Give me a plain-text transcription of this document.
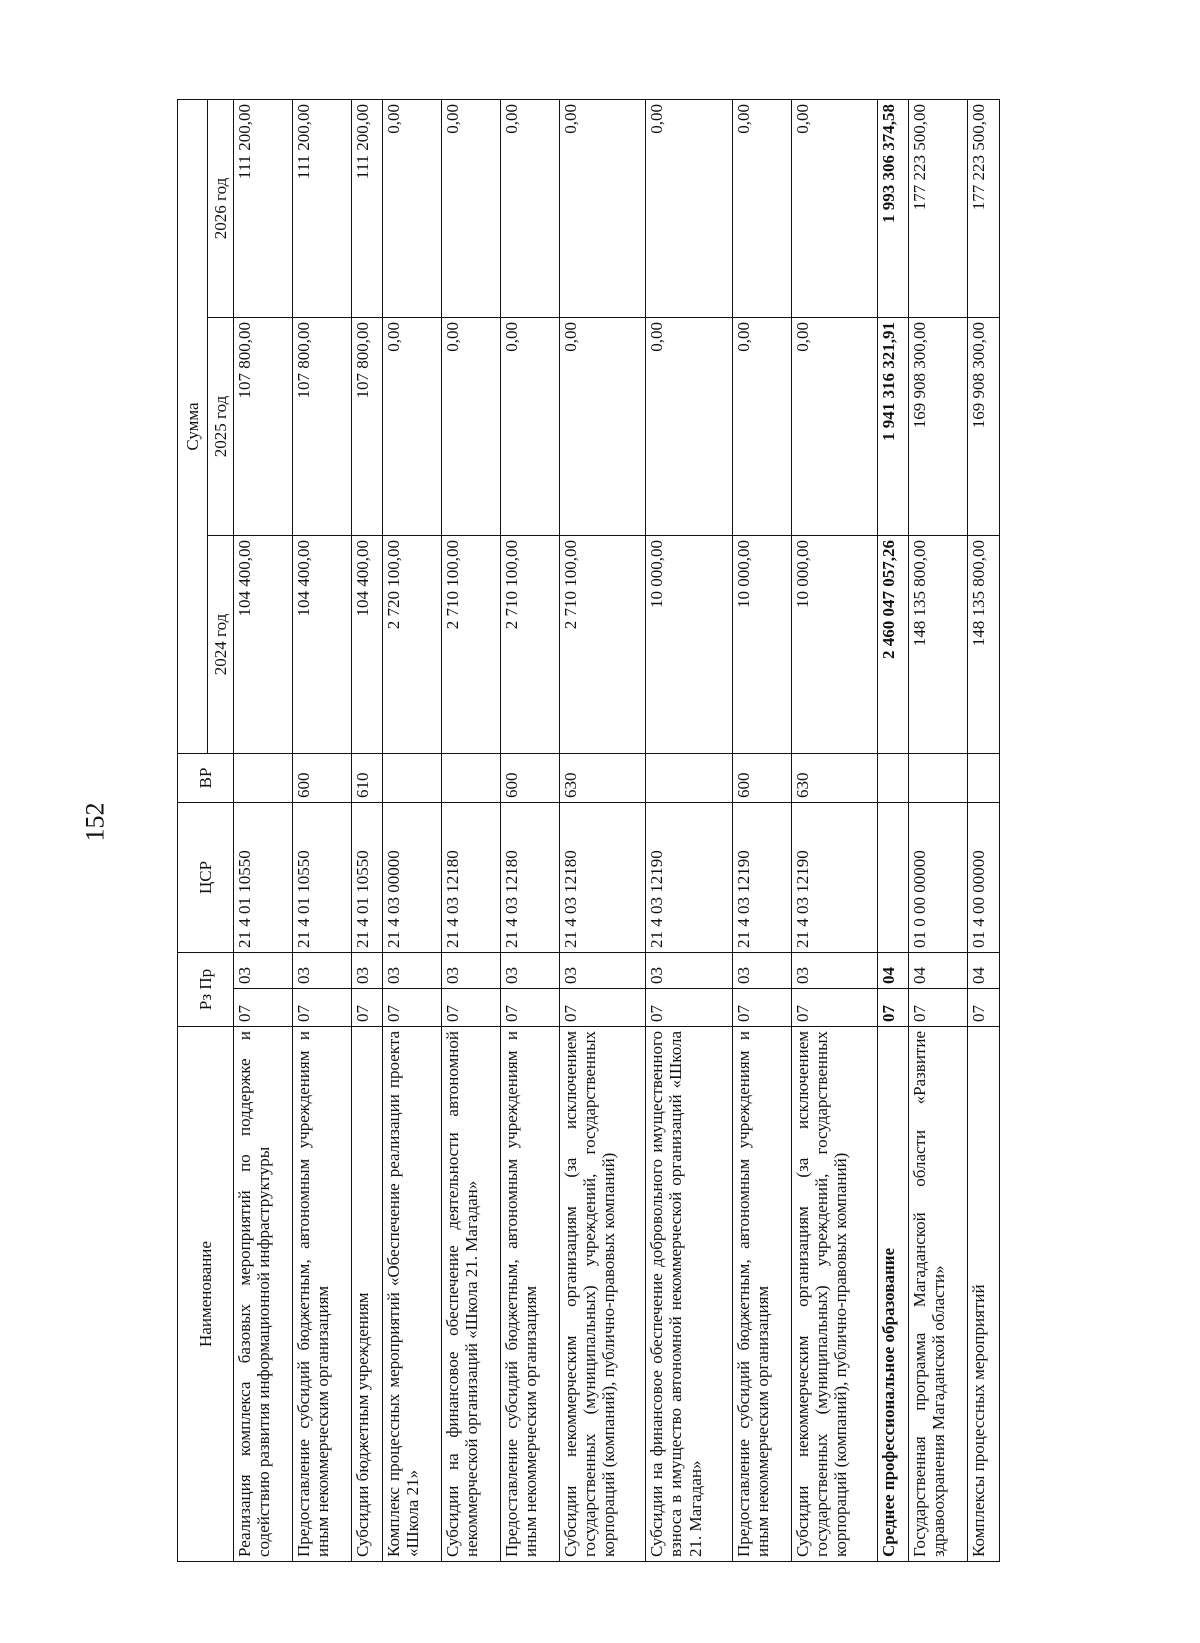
152
Наименование	Рз Пр		ЦСР	ВР	Сумма		
					2024 год	2025 год	2026 год
Реализация комплекса базовых мероприятий по поддержке и содействию развития информационной инфраструктуры	07	03	21 4 01 10550		104 400,00	107 800,00	111 200,00
Предоставление субсидий бюджетным, автономным учреждениям и иным некоммерческим организациям	07	03	21 4 01 10550	600	104 400,00	107 800,00	111 200,00
Субсидии бюджетным учреждениям	07	03	21 4 01 10550	610	104 400,00	107 800,00	111 200,00
Комплекс процессных мероприятий «Обеспечение реализации проекта «Школа 21»	07	03	21 4 03 00000		2 720 100,00	0,00	0,00
Субсидии на финансовое обеспечение деятельности автономной некоммерческой организаций «Школа 21. Магадан»	07	03	21 4 03 12180		2 710 100,00	0,00	0,00
Предоставление субсидий бюджетным, автономным учреждениям и иным некоммерческим организациям	07	03	21 4 03 12180	600	2 710 100,00	0,00	0,00
Субсидии некоммерческим организациям (за исключением государственных (муниципальных) учреждений, государственных корпораций (компаний), публично-правовых компаний)	07	03	21 4 03 12180	630	2 710 100,00	0,00	0,00
Субсидии на финансовое обеспечение добровольного имущественного взноса в имущество автономной некоммерческой организаций «Школа 21. Магадан»	07	03	21 4 03 12190		10 000,00	0,00	0,00
Предоставление субсидий бюджетным, автономным учреждениям и иным некоммерческим организациям	07	03	21 4 03 12190	600	10 000,00	0,00	0,00
Субсидии некоммерческим организациям (за исключением государственных (муниципальных) учреждений, государственных корпораций (компаний), публично-правовых компаний)	07	03	21 4 03 12190	630	10 000,00	0,00	0,00
Среднее профессиональное образование	07	04			2 460 047 057,26	1 941 316 321,91	1 993 306 374,58
Государственная программа Магаданской области «Развитие здравоохранения Магаданской области»	07	04	01 0 00 00000		148 135 800,00	169 908 300,00	177 223 500,00
Комплексы процессных мероприятий	07	04	01 4 00 00000		148 135 800,00	169 908 300,00	177 223 500,00
